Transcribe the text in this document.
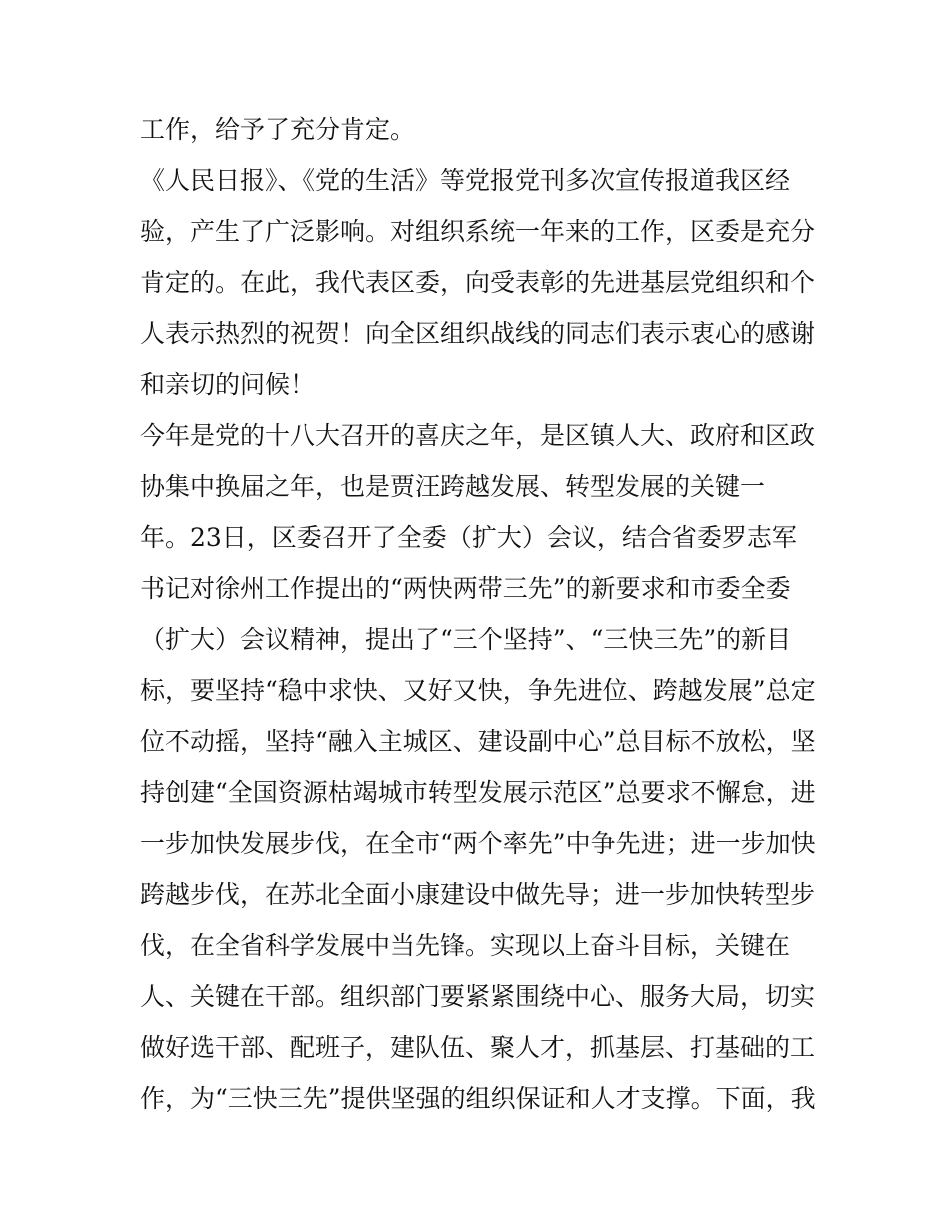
工作，给予了充分肯定。
《人民日报》、《党的生活》等党报党刊多次宣传报道我区经
验，产生了广泛影响。对组织系统一年来的工作，区委是充分
肯定的。在此，我代表区委，向受表彰的先进基层党组织和个
人表示热烈的祝贺！向全区组织战线的同志们表示衷心的感谢
和亲切的问候！
今年是党的十八大召开的喜庆之年，是区镇人大、政府和区政
协集中换届之年，也是贾汪跨越发展、转型发展的关键一
年。23日，区委召开了全委（扩大）会议，结合省委罗志军
书记对徐州工作提出的“两快两带三先”的新要求和市委全委
（扩大）会议精神，提出了“三个坚持”、“三快三先”的新目
标，要坚持“稳中求快、又好又快，争先进位、跨越发展”总定
位不动摇，坚持“融入主城区、建设副中心”总目标不放松，坚
持创建“全国资源枯竭城市转型发展示范区”总要求不懈怠，进
一步加快发展步伐，在全市“两个率先”中争先进；进一步加快
跨越步伐，在苏北全面小康建设中做先导；进一步加快转型步
伐，在全省科学发展中当先锋。实现以上奋斗目标，关键在
人、关键在干部。组织部门要紧紧围绕中心、服务大局，切实
做好选干部、配班子，建队伍、聚人才，抓基层、打基础的工
作，为“三快三先”提供坚强的组织保证和人才支撑。下面，我
